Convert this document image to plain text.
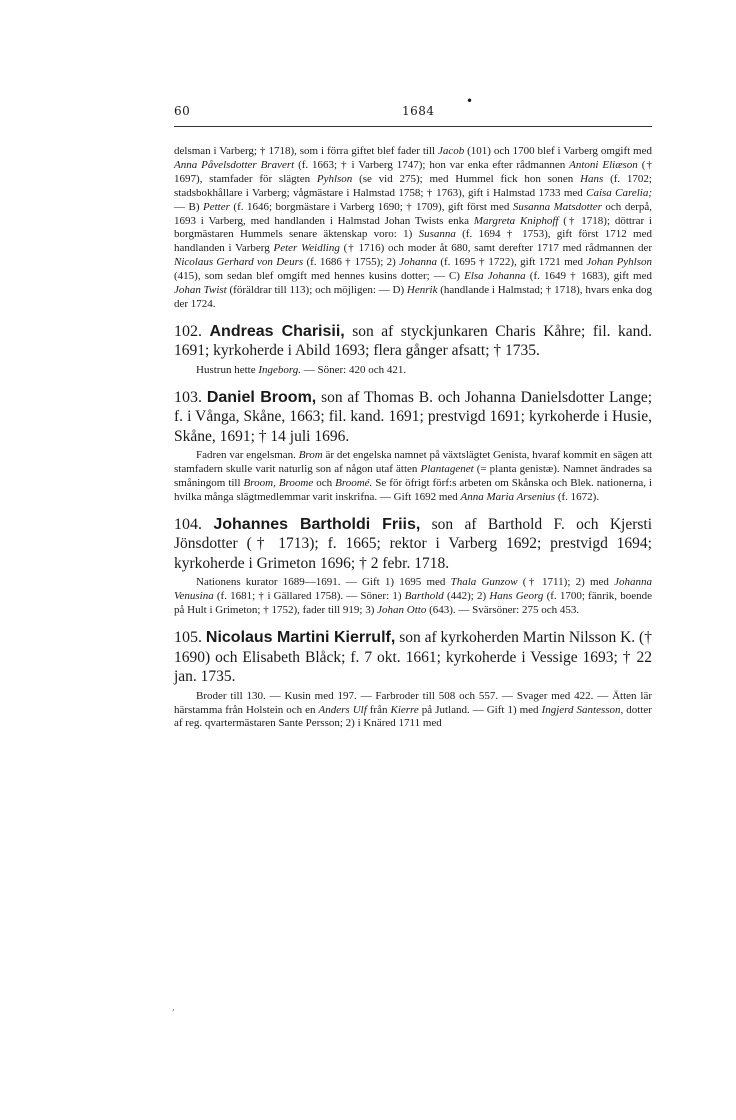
60	1684
•

delsman i Varberg; † 1718), som i förra giftet blef fader till Jacob (101) och 1700 blef i Varberg omgift med Anna Påvelsdotter Bravert (f. 1663; † i Varberg 1747); hon var enka efter rådmannen Antoni Eliæson († 1697), stamfader för slägten Pyhlson (se vid 275); med Hummel fick hon sonen Hans (f. 1702; stadsbokhållare i Varberg; vågmästare i Halmstad 1758; † 1763), gift i Halmstad 1733 med Caisa Carelia; — B) Petter (f. 1646; borgmästare i Varberg 1690; † 1709), gift först med Susanna Matsdotter och derpå, 1693 i Varberg, med handlanden i Halmstad Johan Twists enka Margreta Kniphoff († 1718); döttrar i borgmästaren Hummels senare äktenskap voro: 1) Susanna (f. 1694 † 1753), gift först 1712 med handlanden i Varberg Peter Weidling († 1716) och moder åt 680, samt derefter 1717 med rådmannen der Nicolaus Gerhard von Deurs (f. 1686 † 1755); 2) Johanna (f. 1695 † 1722), gift 1721 med Johan Pyhlson (415), som sedan blef omgift med hennes kusins dotter; — C) Elsa Johanna (f. 1649 † 1683), gift med Johan Twist (föräldrar till 113); och möjligen: — D) Henrik (handlande i Halmstad; † 1718), hvars enka dog der 1724.

102. Andreas Charisii, son af styckjunkaren Charis Kåhre; fil. kand. 1691; kyrkoherde i Abild 1693; flera gånger afsatt; † 1735.

Hustrun hette Ingeborg. — Söner: 420 och 421.

103. Daniel Broom, son af Thomas B. och Johanna Danielsdotter Lange; f. i Vånga, Skåne, 1663; fil. kand. 1691; prestvigd 1691; kyrkoherde i Husie, Skåne, 1691; † 14 juli 1696.

Fadren var engelsman. Brom är det engelska namnet på växtslägtet Genista, hvaraf kommit en sägen att stamfadern skulle varit naturlig son af någon utaf ätten Plantagenet (= planta genistæ). Namnet ändrades sa småningom till Broom, Broome och Broomé. Se för öfrigt förf:s arbeten om Skånska och Blek. nationerna, i hvilka många slägtmedlemmar varit inskrifna. — Gift 1692 med Anna Maria Arsenius (f. 1672).

104. Johannes Bartholdi Friis, son af Barthold F. och Kjersti Jönsdotter († 1713); f. 1665; rektor i Varberg 1692; prestvigd 1694; kyrkoherde i Grimeton 1696; † 2 febr. 1718.

Nationens kurator 1689—1691. — Gift 1) 1695 med Thala Gunzow († 1711); 2) med Johanna Venusina (f. 1681; † i Gällared 1758). — Söner: 1) Barthold (442); 2) Hans Georg (f. 1700; fänrik, boende på Hult i Grimeton; † 1752), fader till 919; 3) Johan Otto (643). — Svärsöner: 275 och 453.

105. Nicolaus Martini Kierrulf, son af kyrkoherden Martin Nilsson K. († 1690) och Elisabeth Blåck; f. 7 okt. 1661; kyrkoherde i Vessige 1693; † 22 jan. 1735.

Broder till 130. — Kusin med 197. — Farbroder till 508 och 557. — Svager med 422. — Ätten lär härstamma från Holstein och en Anders Ulf från Kierre på Jutland. — Gift 1) med Ingjerd Santesson, dotter af reg. qvartermästaren Sante Persson; 2) i Knäred 1711 med

,
